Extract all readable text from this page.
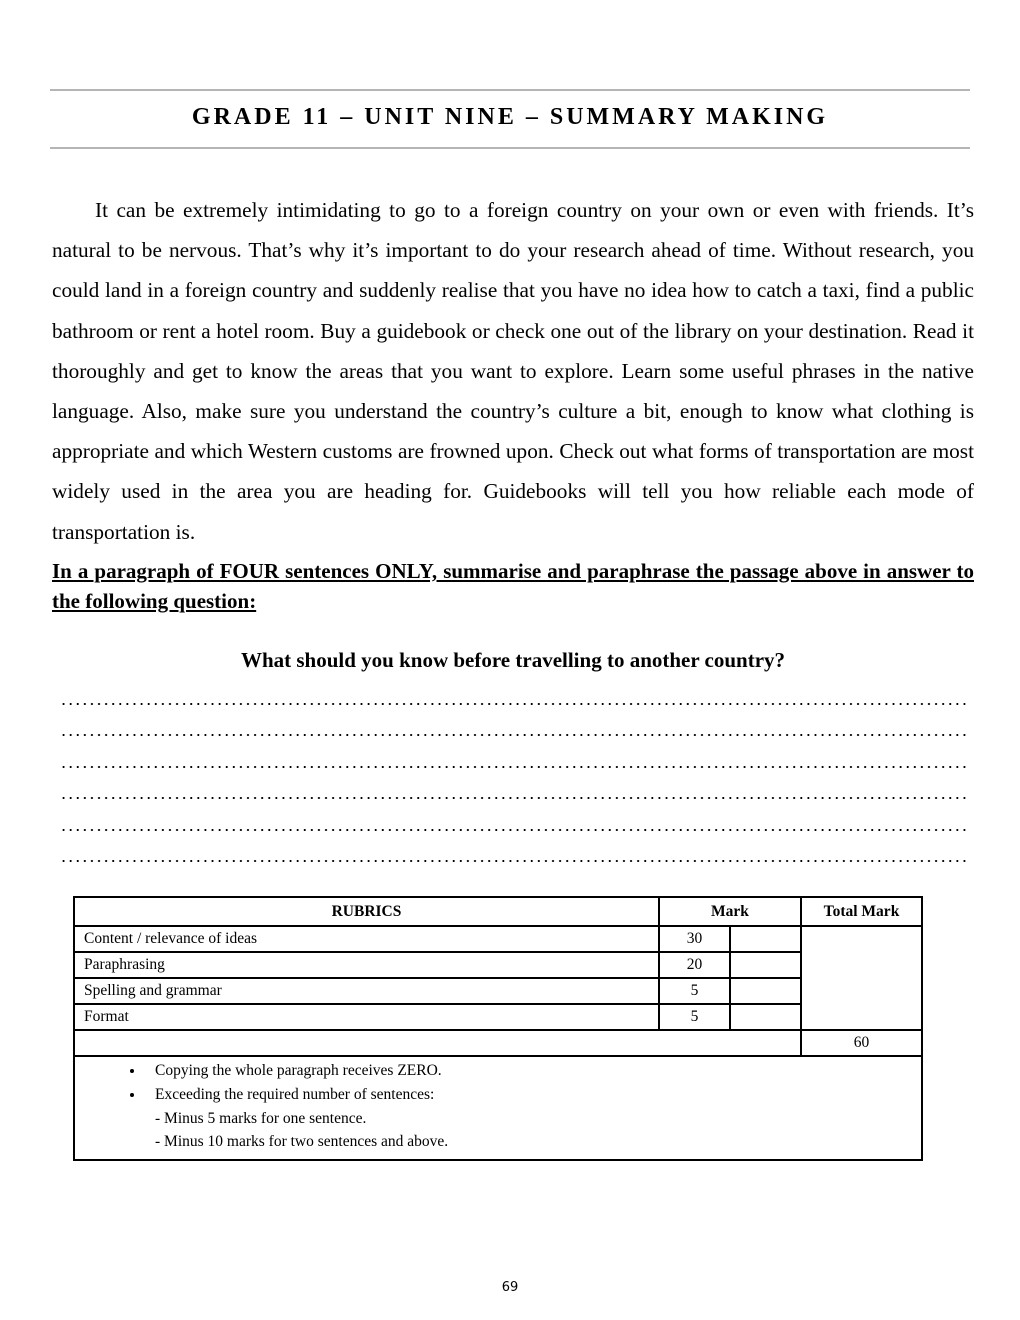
GRADE 11 – UNIT NINE – SUMMARY MAKING

It can be extremely intimidating to go to a foreign country on your own or even with friends. It’s natural to be nervous. That’s why it’s important to do your research ahead of time. Without research, you could land in a foreign country and suddenly realise that you have no idea how to catch a taxi, find a public bathroom or rent a hotel room. Buy a guidebook or check one out of the library on your destination. Read it thoroughly and get to know the areas that you want to explore. Learn some useful phrases in the native language. Also, make sure you understand the country’s culture a bit, enough to know what clothing is appropriate and which Western customs are frowned upon. Check out what forms of transportation are most widely used in the area you are heading for. Guidebooks will tell you how reliable each mode of transportation is.

In a paragraph of FOUR sentences ONLY, summarise and paraphrase the passage above in answer to the following question:
What should you know before travelling to another country?
RUBRICS	Mark		Total Mark
Content / relevance of ideas	30		
Paraphrasing	20		
Spelling and grammar	5		
Format	5		
			60

• Copying the whole paragraph receives ZERO.
• Exceeding the required number of sentences:
- Minus 5 marks for one sentence.
- Minus 10 marks for two sentences and above.
69
